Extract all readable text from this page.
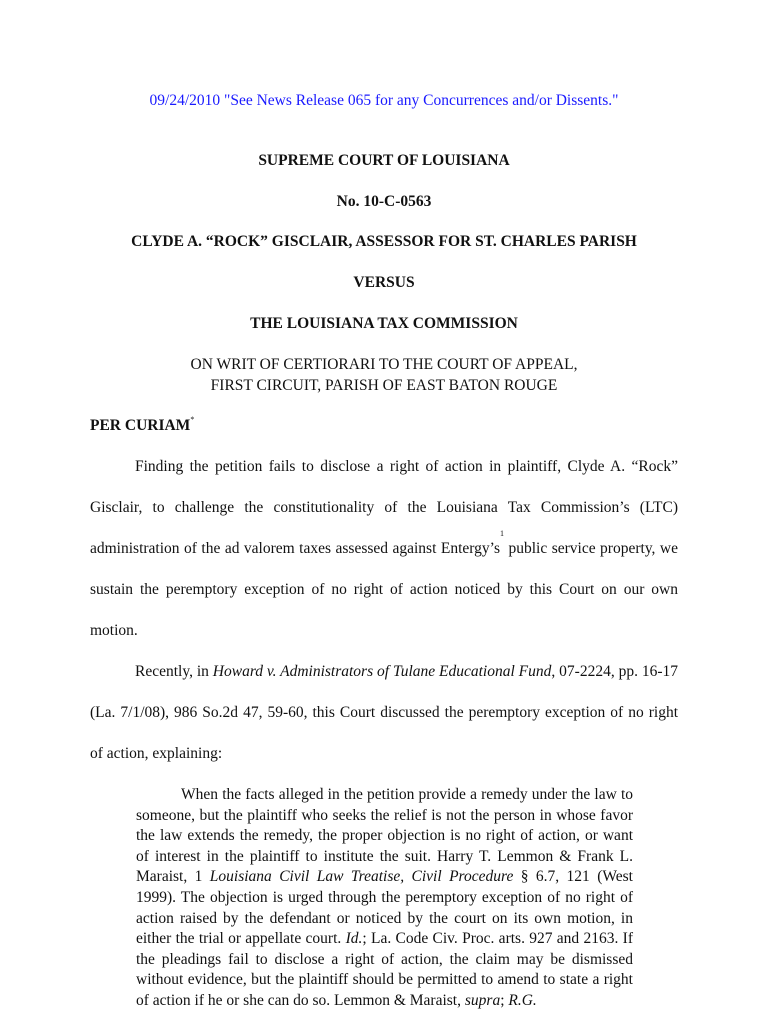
09/24/2010 "See News Release 065 for any Concurrences and/or Dissents."
SUPREME COURT OF LOUISIANA
No. 10-C-0563
CLYDE A. “ROCK” GISCLAIR, ASSESSOR FOR ST. CHARLES PARISH
VERSUS
THE LOUISIANA TAX COMMISSION
ON WRIT OF CERTIORARI TO THE COURT OF APPEAL,
FIRST CIRCUIT, PARISH OF EAST BATON ROUGE
PER CURIAM*

Finding the petition fails to disclose a right of action in plaintiff, Clyde A. “Rock” Gisclair, to challenge the constitutionality of the Louisiana Tax Commission’s (LTC) administration of the ad valorem taxes assessed against $Entergy’s^1$ public service property, we sustain the peremptory exception of no right of action noticed by this Court on our own motion.

Recently, in Howard v. Administrators of Tulane Educational Fund, 07-2224, pp. 16-17 (La. 7/1/08), 986 So.2d 47, 59-60, this Court discussed the peremptory exception of no right of action, explaining:

When the facts alleged in the petition provide a remedy under the law to someone, but the plaintiff who seeks the relief is not the person in whose favor the law extends the remedy, the proper objection is no right of action, or want of interest in the plaintiff to institute the suit. Harry T. Lemmon & Frank L. Maraist, 1 Louisiana Civil Law Treatise, Civil Procedure § 6.7, 121 (West 1999). The objection is urged through the peremptory exception of no right of action raised by the defendant or noticed by the court on its own motion, in either the trial or appellate court. Id.; La. Code Civ. Proc. arts. 927 and 2163. If the pleadings fail to disclose a right of action, the claim may be dismissed without evidence, but the plaintiff should be permitted to amend to state a right of action if he or she can do so. Lemmon & Maraist, supra; R.G.
